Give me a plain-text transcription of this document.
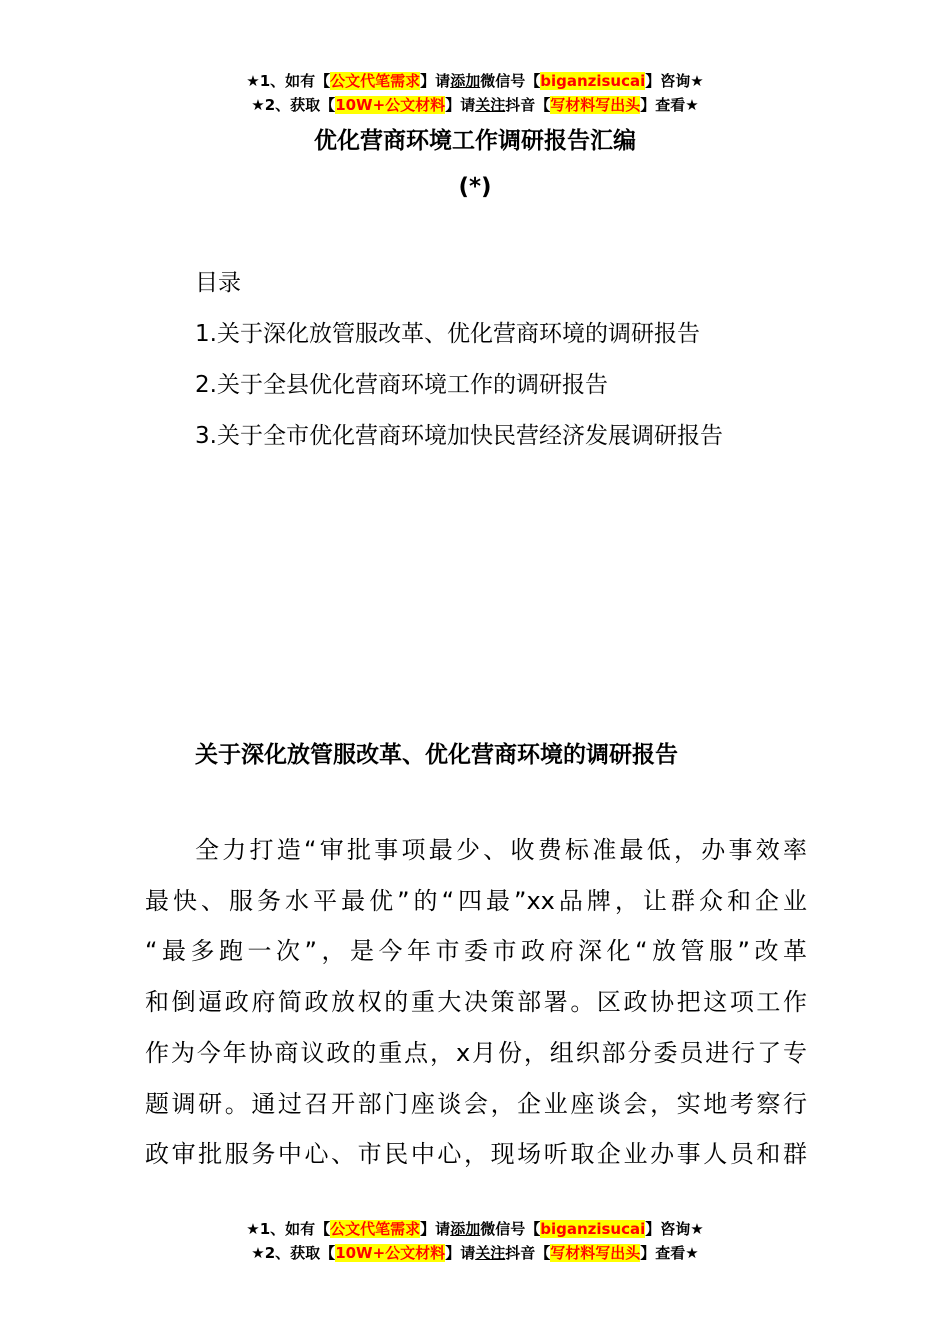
★1、如有【公文代笔需求】请添加微信号【biganzisucai】咨询★
★2、获取【10W+公文材料】请关注抖音【写材料写出头】查看★
优化营商环境工作调研报告汇编
(*)
目录
1.关于深化放管服改革、优化营商环境的调研报告
2.关于全县优化营商环境工作的调研报告
3.关于全市优化营商环境加快民营经济发展调研报告
关于深化放管服改革、优化营商环境的调研报告
全力打造“审批事项最少、收费标准最低，办事效率
最快、服务水平最优”的“四最”xx品牌，让群众和企业
“最多跑一次”，是今年市委市政府深化“放管服”改革
和倒逼政府简政放权的重大决策部署。区政协把这项工作
作为今年协商议政的重点，x月份，组织部分委员进行了专
题调研。通过召开部门座谈会，企业座谈会，实地考察行
政审批服务中心、市民中心，现场听取企业办事人员和群
★1、如有【公文代笔需求】请添加微信号【biganzisucai】咨询★
★2、获取【10W+公文材料】请关注抖音【写材料写出头】查看★
